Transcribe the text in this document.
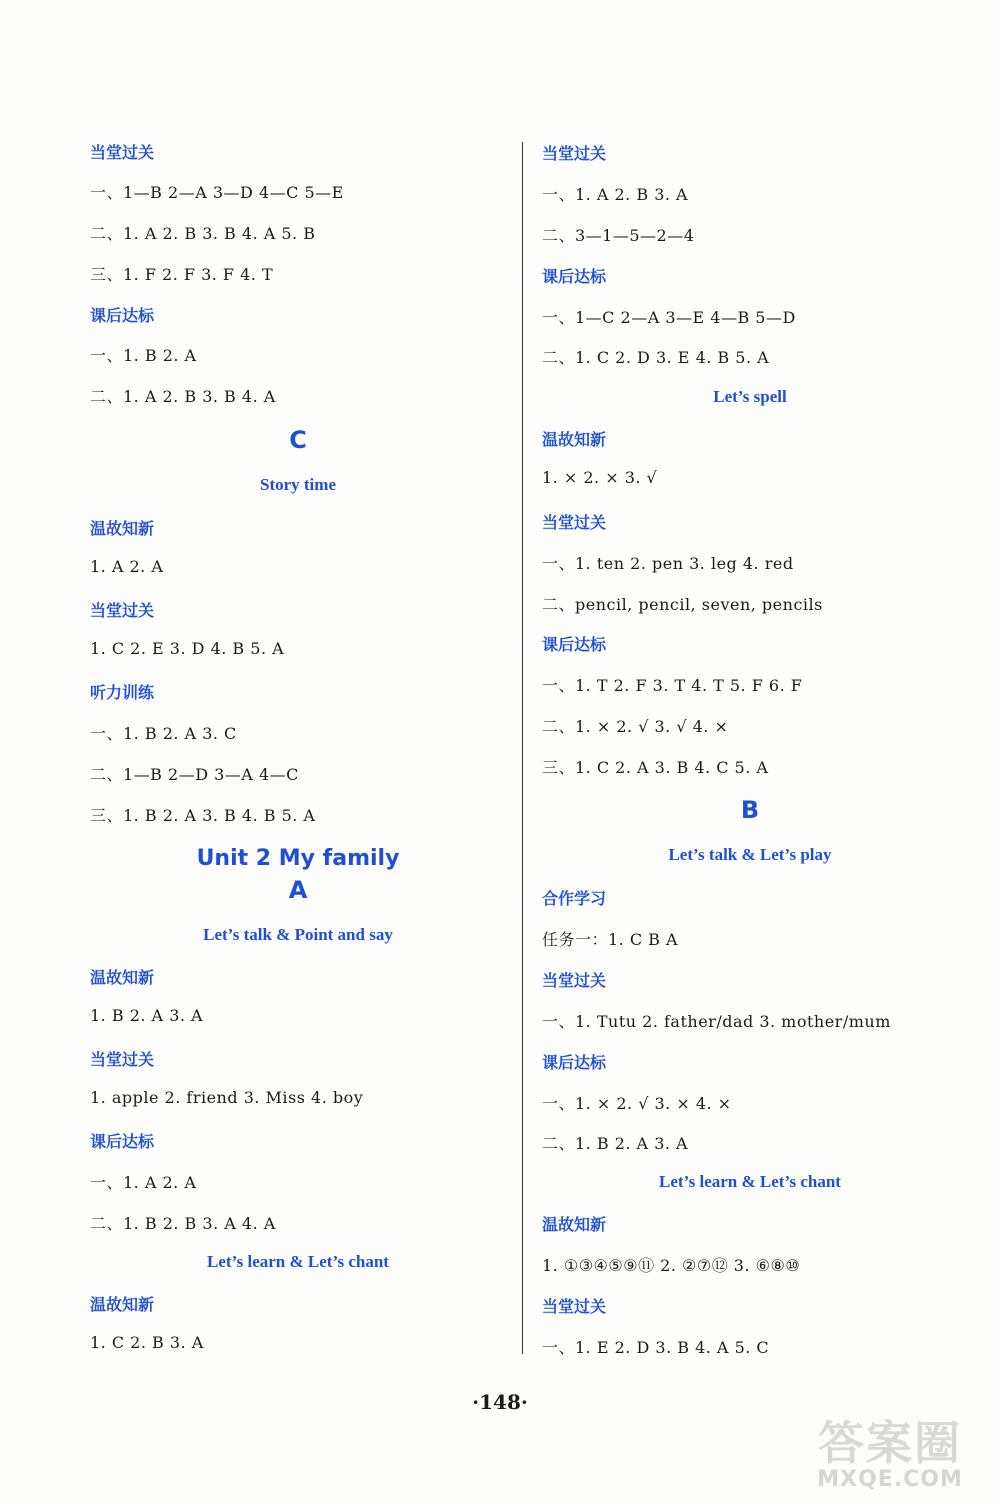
当堂过关
一、1—B 2—A 3—D 4—C 5—E
二、1. A 2. B 3. B 4. A 5. B
三、1. F 2. F 3. F 4. T
课后达标
一、1. B 2. A
二、1. A 2. B 3. B 4. A
C
Story time
温故知新
1. A 2. A
当堂过关
1. C 2. E 3. D 4. B 5. A
听力训练
一、1. B 2. A 3. C
二、1—B 2—D 3—A 4—C
三、1. B 2. A 3. B 4. B 5. A
Unit 2 My family
A
Let’s talk & Point and say
温故知新
1. B 2. A 3. A
当堂过关
1. apple 2. friend 3. Miss 4. boy
课后达标
一、1. A 2. A
二、1. B 2. B 3. A 4. A
Let’s learn & Let’s chant
温故知新
1. C 2. B 3. A
当堂过关
一、1. A 2. B 3. A
二、3—1—5—2—4
课后达标
一、1—C 2—A 3—E 4—B 5—D
二、1. C 2. D 3. E 4. B 5. A
Let’s spell
温故知新
1. × 2. × 3. √
当堂过关
一、1. ten 2. pen 3. leg 4. red
二、pencil, pencil, seven, pencils
课后达标
一、1. T 2. F 3. T 4. T 5. F 6. F
二、1. × 2. √ 3. √ 4. ×
三、1. C 2. A 3. B 4. C 5. A
B
Let’s talk & Let’s play
合作学习
任务一：1. C B A
当堂过关
一、1. Tutu 2. father/dad 3. mother/mum
课后达标
一、1. × 2. √ 3. × 4. ×
二、1. B 2. A 3. A
Let’s learn & Let’s chant
温故知新
1. ①③④⑤⑨⑪ 2. ②⑦⑫ 3. ⑥⑧⑩
当堂过关
一、1. E 2. D 3. B 4. A 5. C
·148·
答案圈
MXQE.COM
